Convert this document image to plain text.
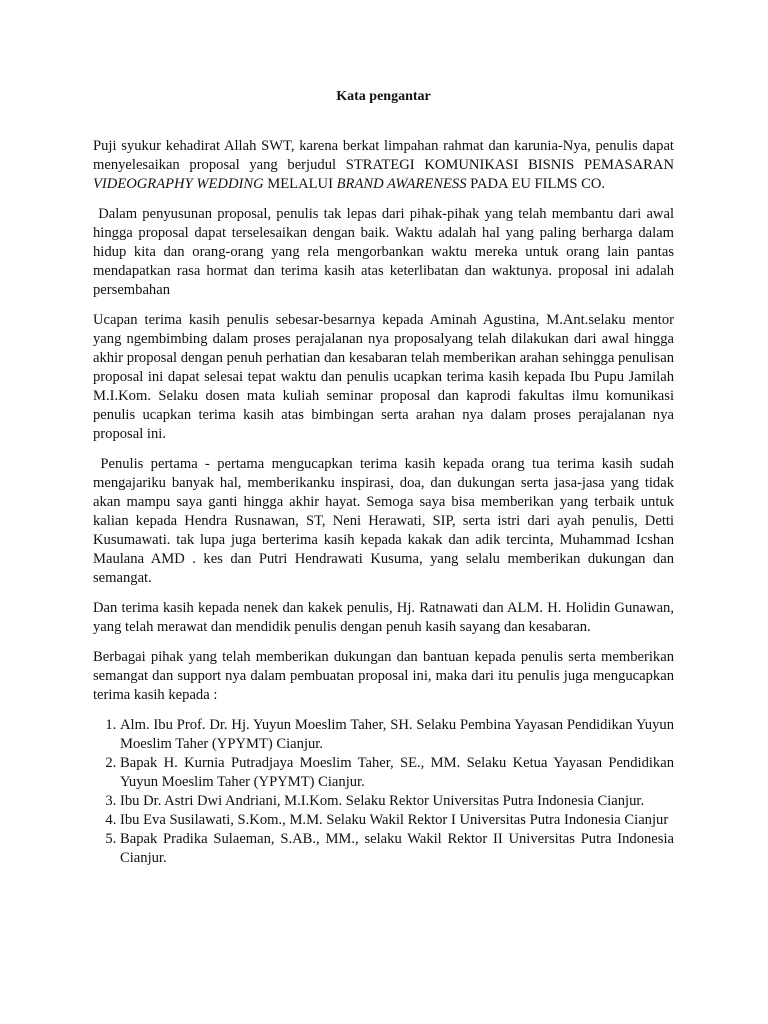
Kata pengantar

Puji syukur kehadirat Allah SWT, karena berkat limpahan rahmat dan karunia-Nya, penulis dapat menyelesaikan proposal yang berjudul STRATEGI KOMUNIKASI BISNIS PEMASARAN VIDEOGRAPHY WEDDING MELALUI BRAND AWARENESS PADA EU FILMS CO.

Dalam penyusunan proposal, penulis tak lepas dari pihak-pihak yang telah membantu dari awal hingga proposal dapat terselesaikan dengan baik. Waktu adalah hal yang paling berharga dalam hidup kita dan orang-orang yang rela mengorbankan waktu mereka untuk orang lain pantas mendapatkan rasa hormat dan terima kasih atas keterlibatan dan waktunya. proposal ini adalah persembahan

Ucapan terima kasih penulis sebesar-besarnya kepada Aminah Agustina, M.Ant.selaku mentor yang ngembimbing dalam proses perajalanan nya proposalyang telah dilakukan dari awal hingga akhir proposal dengan penuh perhatian dan kesabaran telah memberikan arahan sehingga penulisan proposal ini dapat selesai tepat waktu dan penulis ucapkan terima kasih kepada Ibu Pupu Jamilah M.I.Kom. Selaku dosen mata kuliah seminar proposal dan kaprodi fakultas ilmu komunikasi penulis ucapkan terima kasih atas bimbingan serta arahan nya dalam proses perajalanan nya proposal ini.

Penulis pertama - pertama mengucapkan terima kasih kepada orang tua terima kasih sudah mengajariku banyak hal, memberikanku inspirasi, doa, dan dukungan serta jasa-jasa yang tidak akan mampu saya ganti hingga akhir hayat. Semoga saya bisa memberikan yang terbaik untuk kalian kepada Hendra Rusnawan, ST, Neni Herawati, SIP, serta istri dari ayah penulis, Detti Kusumawati. tak lupa juga berterima kasih kepada kakak dan adik tercinta, Muhammad Icshan Maulana AMD . kes dan Putri Hendrawati Kusuma, yang selalu memberikan dukungan dan semangat.

Dan terima kasih kepada nenek dan kakek penulis, Hj. Ratnawati dan ALM. H. Holidin Gunawan, yang telah merawat dan mendidik penulis dengan penuh kasih sayang dan kesabaran.

Berbagai pihak yang telah memberikan dukungan dan bantuan kepada penulis serta memberikan semangat dan support nya dalam pembuatan proposal ini, maka dari itu penulis juga mengucapkan terima kasih kepada :

1. Alm. Ibu Prof. Dr. Hj. Yuyun Moeslim Taher, SH. Selaku Pembina Yayasan Pendidikan Yuyun Moeslim Taher (YPYMT) Cianjur.
2. Bapak H. Kurnia Putradjaya Moeslim Taher, SE., MM. Selaku Ketua Yayasan Pendidikan Yuyun Moeslim Taher (YPYMT) Cianjur.
3. Ibu Dr. Astri Dwi Andriani, M.I.Kom. Selaku Rektor Universitas Putra Indonesia Cianjur.
4. Ibu Eva Susilawati, S.Kom., M.M. Selaku Wakil Rektor I Universitas Putra Indonesia Cianjur
5. Bapak Pradika Sulaeman, S.AB., MM., selaku Wakil Rektor II Universitas Putra Indonesia Cianjur.
